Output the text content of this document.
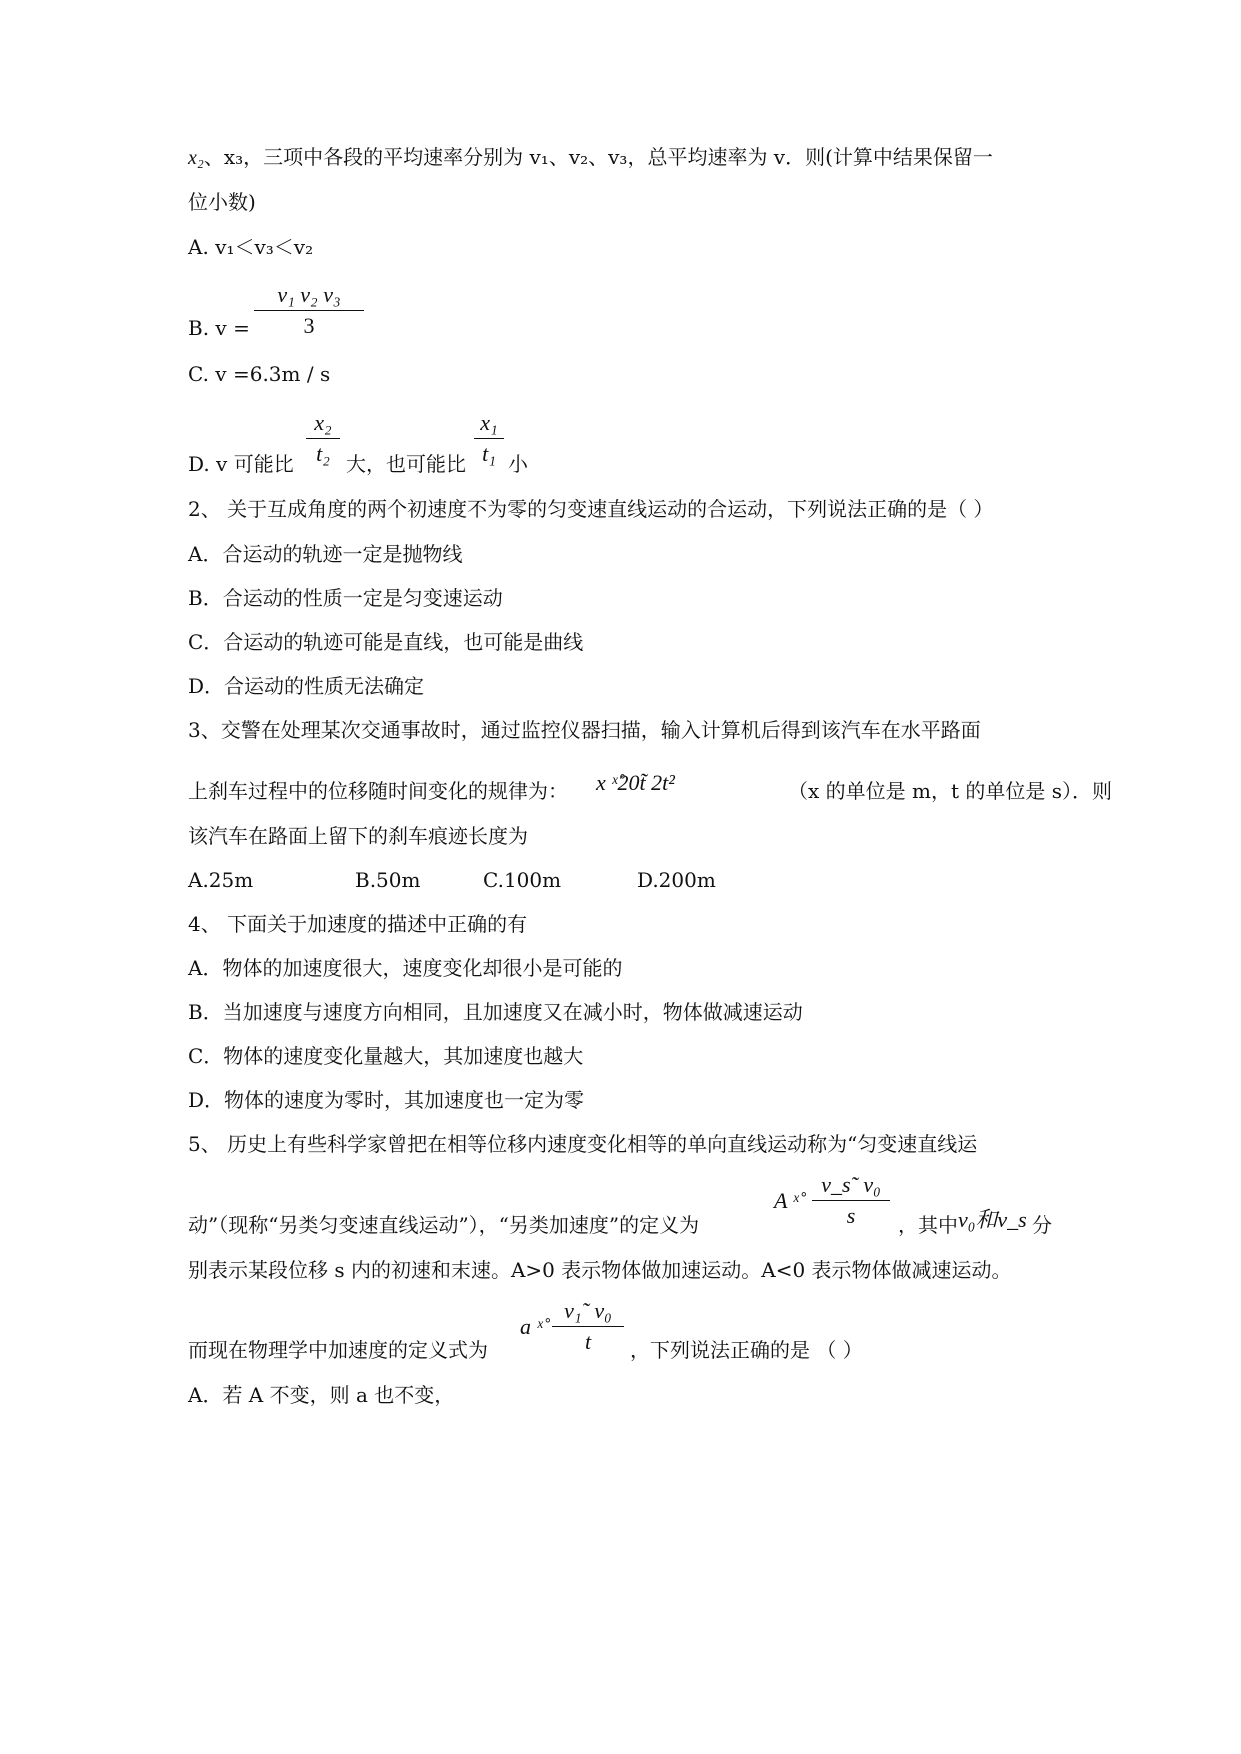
x₂、x₃，三项中各段的平均速率分别为 v₁、v₂、v₃，总平均速率为 v．则(计算中结果保留一
位小数)
A. v₁＜v₃＜v₂
B. v =
v₁ v₂ v₃
3
C. v =6.3m / s
D. v 可能比
x₂
t₂ 大，也可能比
x₁
t₁ 小
2、 关于互成角度的两个初速度不为零的匀变速直线运动的合运动，下列说法正确的是（ ）
A．合运动的轨迹一定是抛物线
B．合运动的性质一定是匀变速运动
C．合运动的轨迹可能是直线，也可能是曲线
D．合运动的性质无法确定
3、交警在处理某次交通事故时，通过监控仪器扫描，输入计算机后得到该汽车在水平路面
上刹车过程中的位移随时间变化的规律为： x ˣ̊20t̃ 2t²	（x 的单位是 m，t 的单位是 s）．则
该汽车在路面上留下的刹车痕迹长度为
A.25m	B.50m	C.100m	D.200m
4、 下面关于加速度的描述中正确的有
A．物体的加速度很大，速度变化却很小是可能的
B．当加速度与速度方向相同，且加速度又在减小时，物体做减速运动
C．物体的速度变化量越大，其加速度也越大
D．物体的速度为零时，其加速度也一定为零
5、 历史上有些科学家曾把在相等位移内速度变化相等的单向直线运动称为“匀变速直线运
动”（现称“另类匀变速直线运动”），“另类加速度”的定义为
A ˣ̊
v_s˜ v₀
s	，其中 v₀和v_s 分
别表示某段位移 s 内的初速和末速。A>0 表示物体做加速运动。A<0 表示物体做减速运动。
而现在物理学中加速度的定义式为
a ˣ̊
v₁˜ v₀
t	，下列说法正确的是 （ ）
A．若 A 不变，则 a 也不变，
